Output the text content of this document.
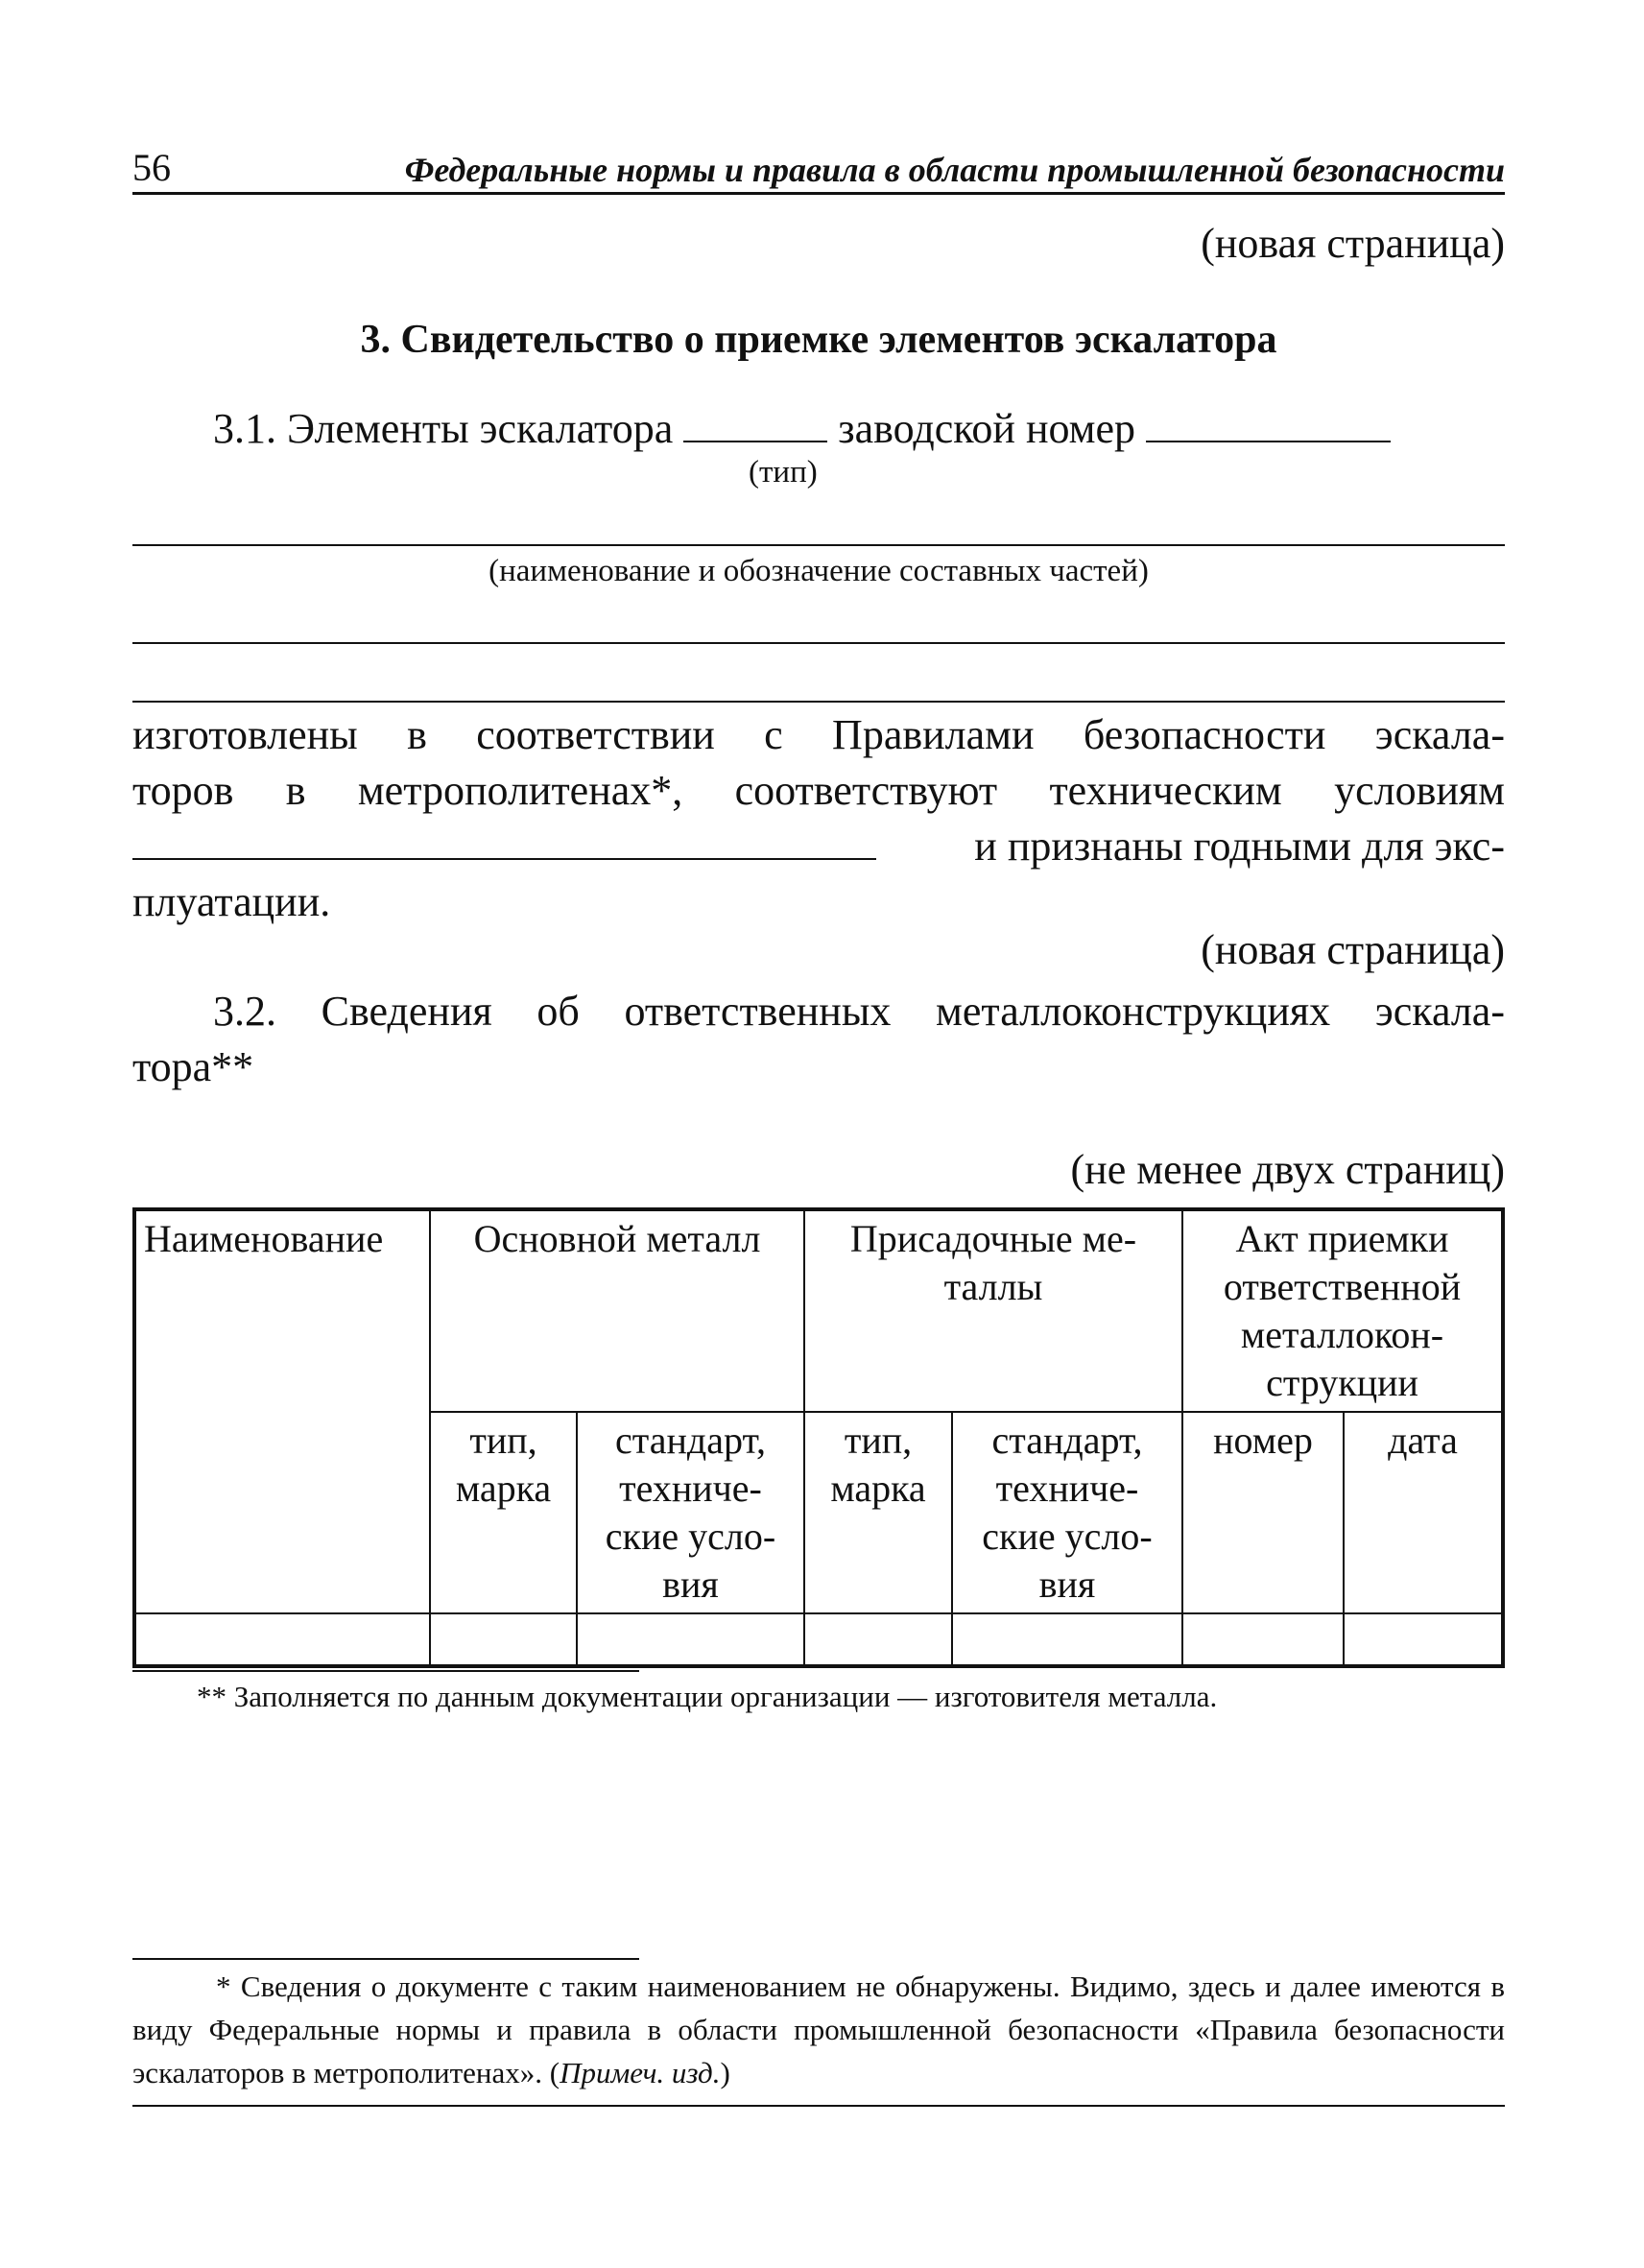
56	Федеральные нормы и правила в области промышленной безопасности
(новая страница)
3. Свидетельство о приемке элементов эскалатора
3.1. Элементы эскалатора	заводской номер
(тип)
(наименование и обозначение составных частей)
изготовлены в соответствии с Правилами безопасности эскала-
торов в метрополитенах*, соответствуют техническим условиям
и признаны годными для экс-
плуатации.
(новая страница)
3.2. Сведения об ответственных металлоконструкциях эскала-
тора**
(не менее двух страниц)
Наименование	Основной металл		Присадочные ме-таллы		Акт приемки ответственной металлокон-струкции	
	тип, марка	стандарт, техниче-ские усло-вия	тип, марка	стандарт, техниче-ские усло-вия	номер	дата

** Заполняется по данным документации организации — изготовителя металла.
* Сведения о документе с таким наименованием не обнаружены. Видимо, здесь и далее имеются в виду Федеральные нормы и правила в области промышленной безопасности «Правила безопасности эскалаторов в метрополитенах». (Примеч. изд.)
